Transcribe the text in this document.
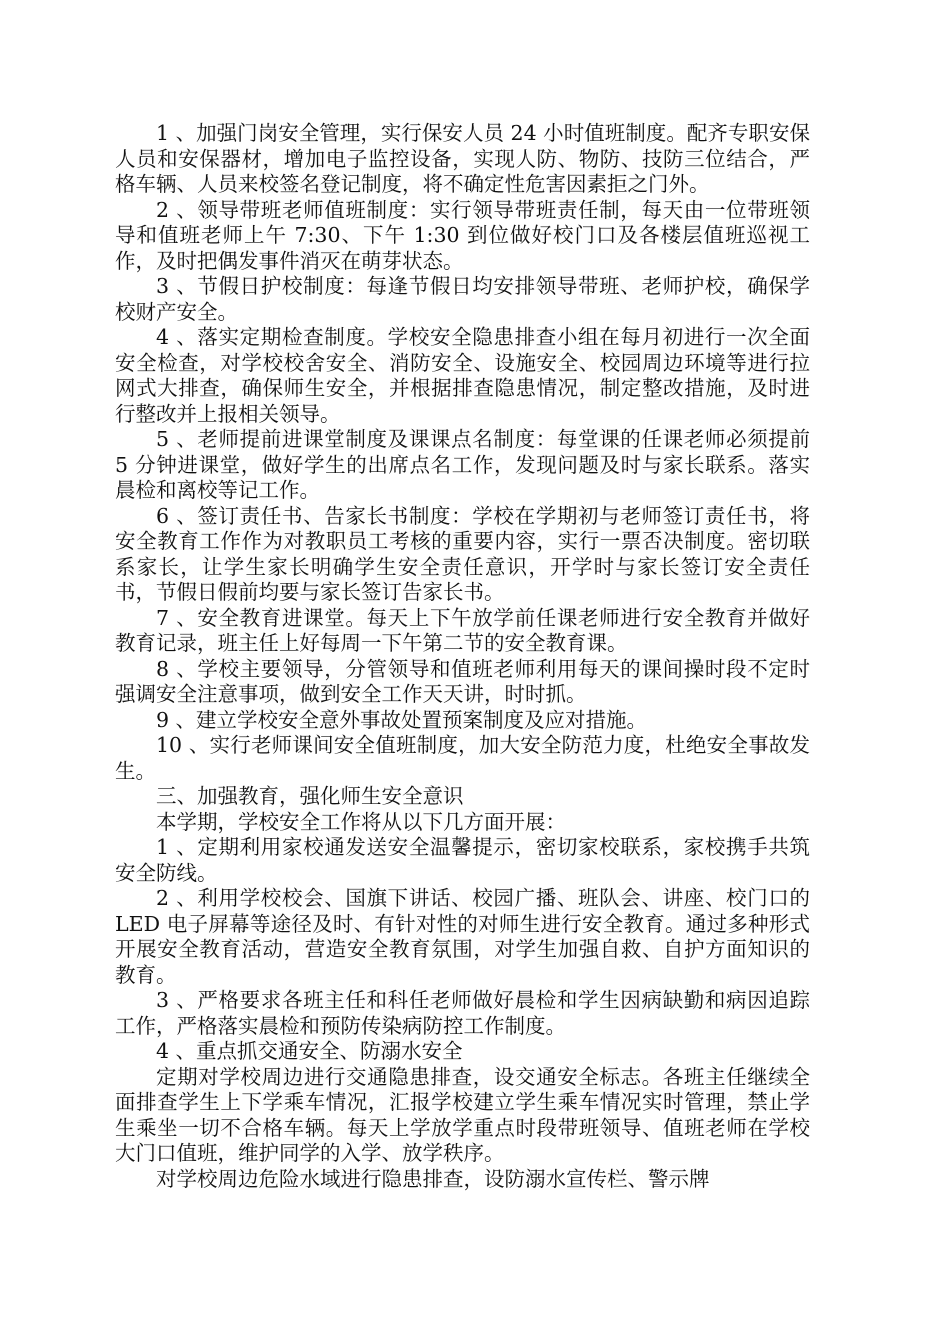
1 、加强门岗安全管理，实行保安人员 24 小时值班制度。配齐专职安保人员和安保器材，增加电子监控设备，实现人防、物防、技防三位结合，严格车辆、人员来校签名登记制度，将不确定性危害因素拒之门外。

2 、领导带班老师值班制度：实行领导带班责任制，每天由一位带班领导和值班老师上午 7:30、下午 1:30 到位做好校门口及各楼层值班巡视工作，及时把偶发事件消灭在萌芽状态。

3 、节假日护校制度：每逢节假日均安排领导带班、老师护校，确保学校财产安全。

4 、落实定期检查制度。学校安全隐患排查小组在每月初进行一次全面安全检查，对学校校舍安全、消防安全、设施安全、校园周边环境等进行拉网式大排查，确保师生安全，并根据排查隐患情况，制定整改措施，及时进行整改并上报相关领导。

5 、老师提前进课堂制度及课课点名制度：每堂课的任课老师必须提前 5 分钟进课堂，做好学生的出席点名工作，发现问题及时与家长联系。落实晨检和离校等记工作。

6 、签订责任书、告家长书制度：学校在学期初与老师签订责任书，将安全教育工作作为对教职员工考核的重要内容，实行一票否决制度。密切联系家长，让学生家长明确学生安全责任意识，开学时与家长签订安全责任书，节假日假前均要与家长签订告家长书。

7 、安全教育进课堂。每天上下午放学前任课老师进行安全教育并做好教育记录，班主任上好每周一下午第二节的安全教育课。

8 、学校主要领导，分管领导和值班老师利用每天的课间操时段不定时强调安全注意事项，做到安全工作天天讲，时时抓。

9 、建立学校安全意外事故处置预案制度及应对措施。

10 、实行老师课间安全值班制度，加大安全防范力度，杜绝安全事故发生。

三、加强教育，强化师生安全意识

本学期，学校安全工作将从以下几方面开展：

1 、定期利用家校通发送安全温馨提示，密切家校联系，家校携手共筑安全防线。

2 、利用学校校会、国旗下讲话、校园广播、班队会、讲座、校门口的 LED 电子屏幕等途径及时、有针对性的对师生进行安全教育。通过多种形式开展安全教育活动，营造安全教育氛围，对学生加强自救、自护方面知识的教育。

3 、严格要求各班主任和科任老师做好晨检和学生因病缺勤和病因追踪工作，严格落实晨检和预防传染病防控工作制度。

4 、重点抓交通安全、防溺水安全

定期对学校周边进行交通隐患排查，设交通安全标志。各班主任继续全面排查学生上下学乘车情况，汇报学校建立学生乘车情况实时管理，禁止学生乘坐一切不合格车辆。每天上学放学重点时段带班领导、值班老师在学校大门口值班，维护同学的入学、放学秩序。

对学校周边危险水域进行隐患排查，设防溺水宣传栏、警示牌
